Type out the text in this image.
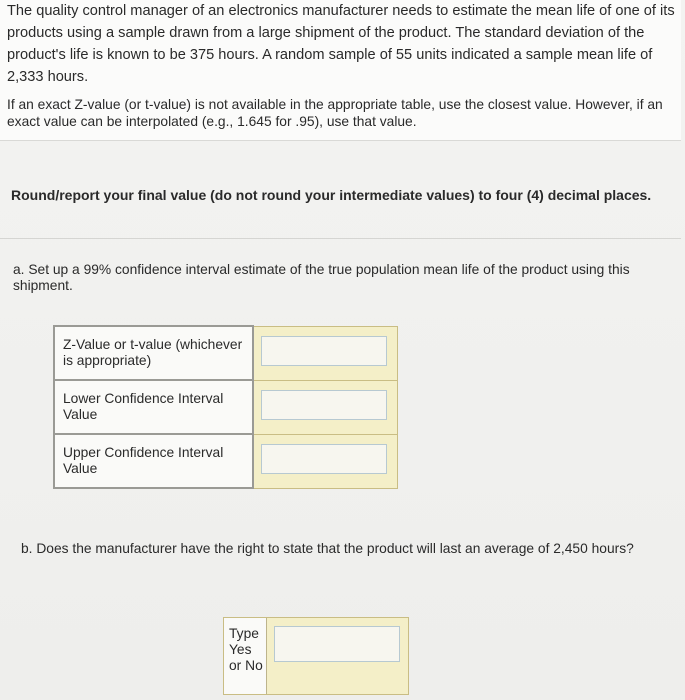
The quality control manager of an electronics manufacturer needs to estimate the mean life of one of its products using a sample drawn from a large shipment of the product. The standard deviation of the product's life is known to be 375 hours. A random sample of 55 units indicated a sample mean life of 2,333 hours.

If an exact Z-value (or t-value) is not available in the appropriate table, use the closest value. However, if an exact value can be interpolated (e.g., 1.645 for .95), use that value.

Round/report your final value (do not round your intermediate values) to four (4) decimal places.

a. Set up a 99% confidence interval estimate of the true population mean life of the product using this shipment.

Z-Value or t-value (whichever is appropriate)	
Lower Confidence Interval Value	
Upper Confidence Interval Value	

b. Does the manufacturer have the right to state that the product will last an average of 2,450 hours?

Type Yes or No
